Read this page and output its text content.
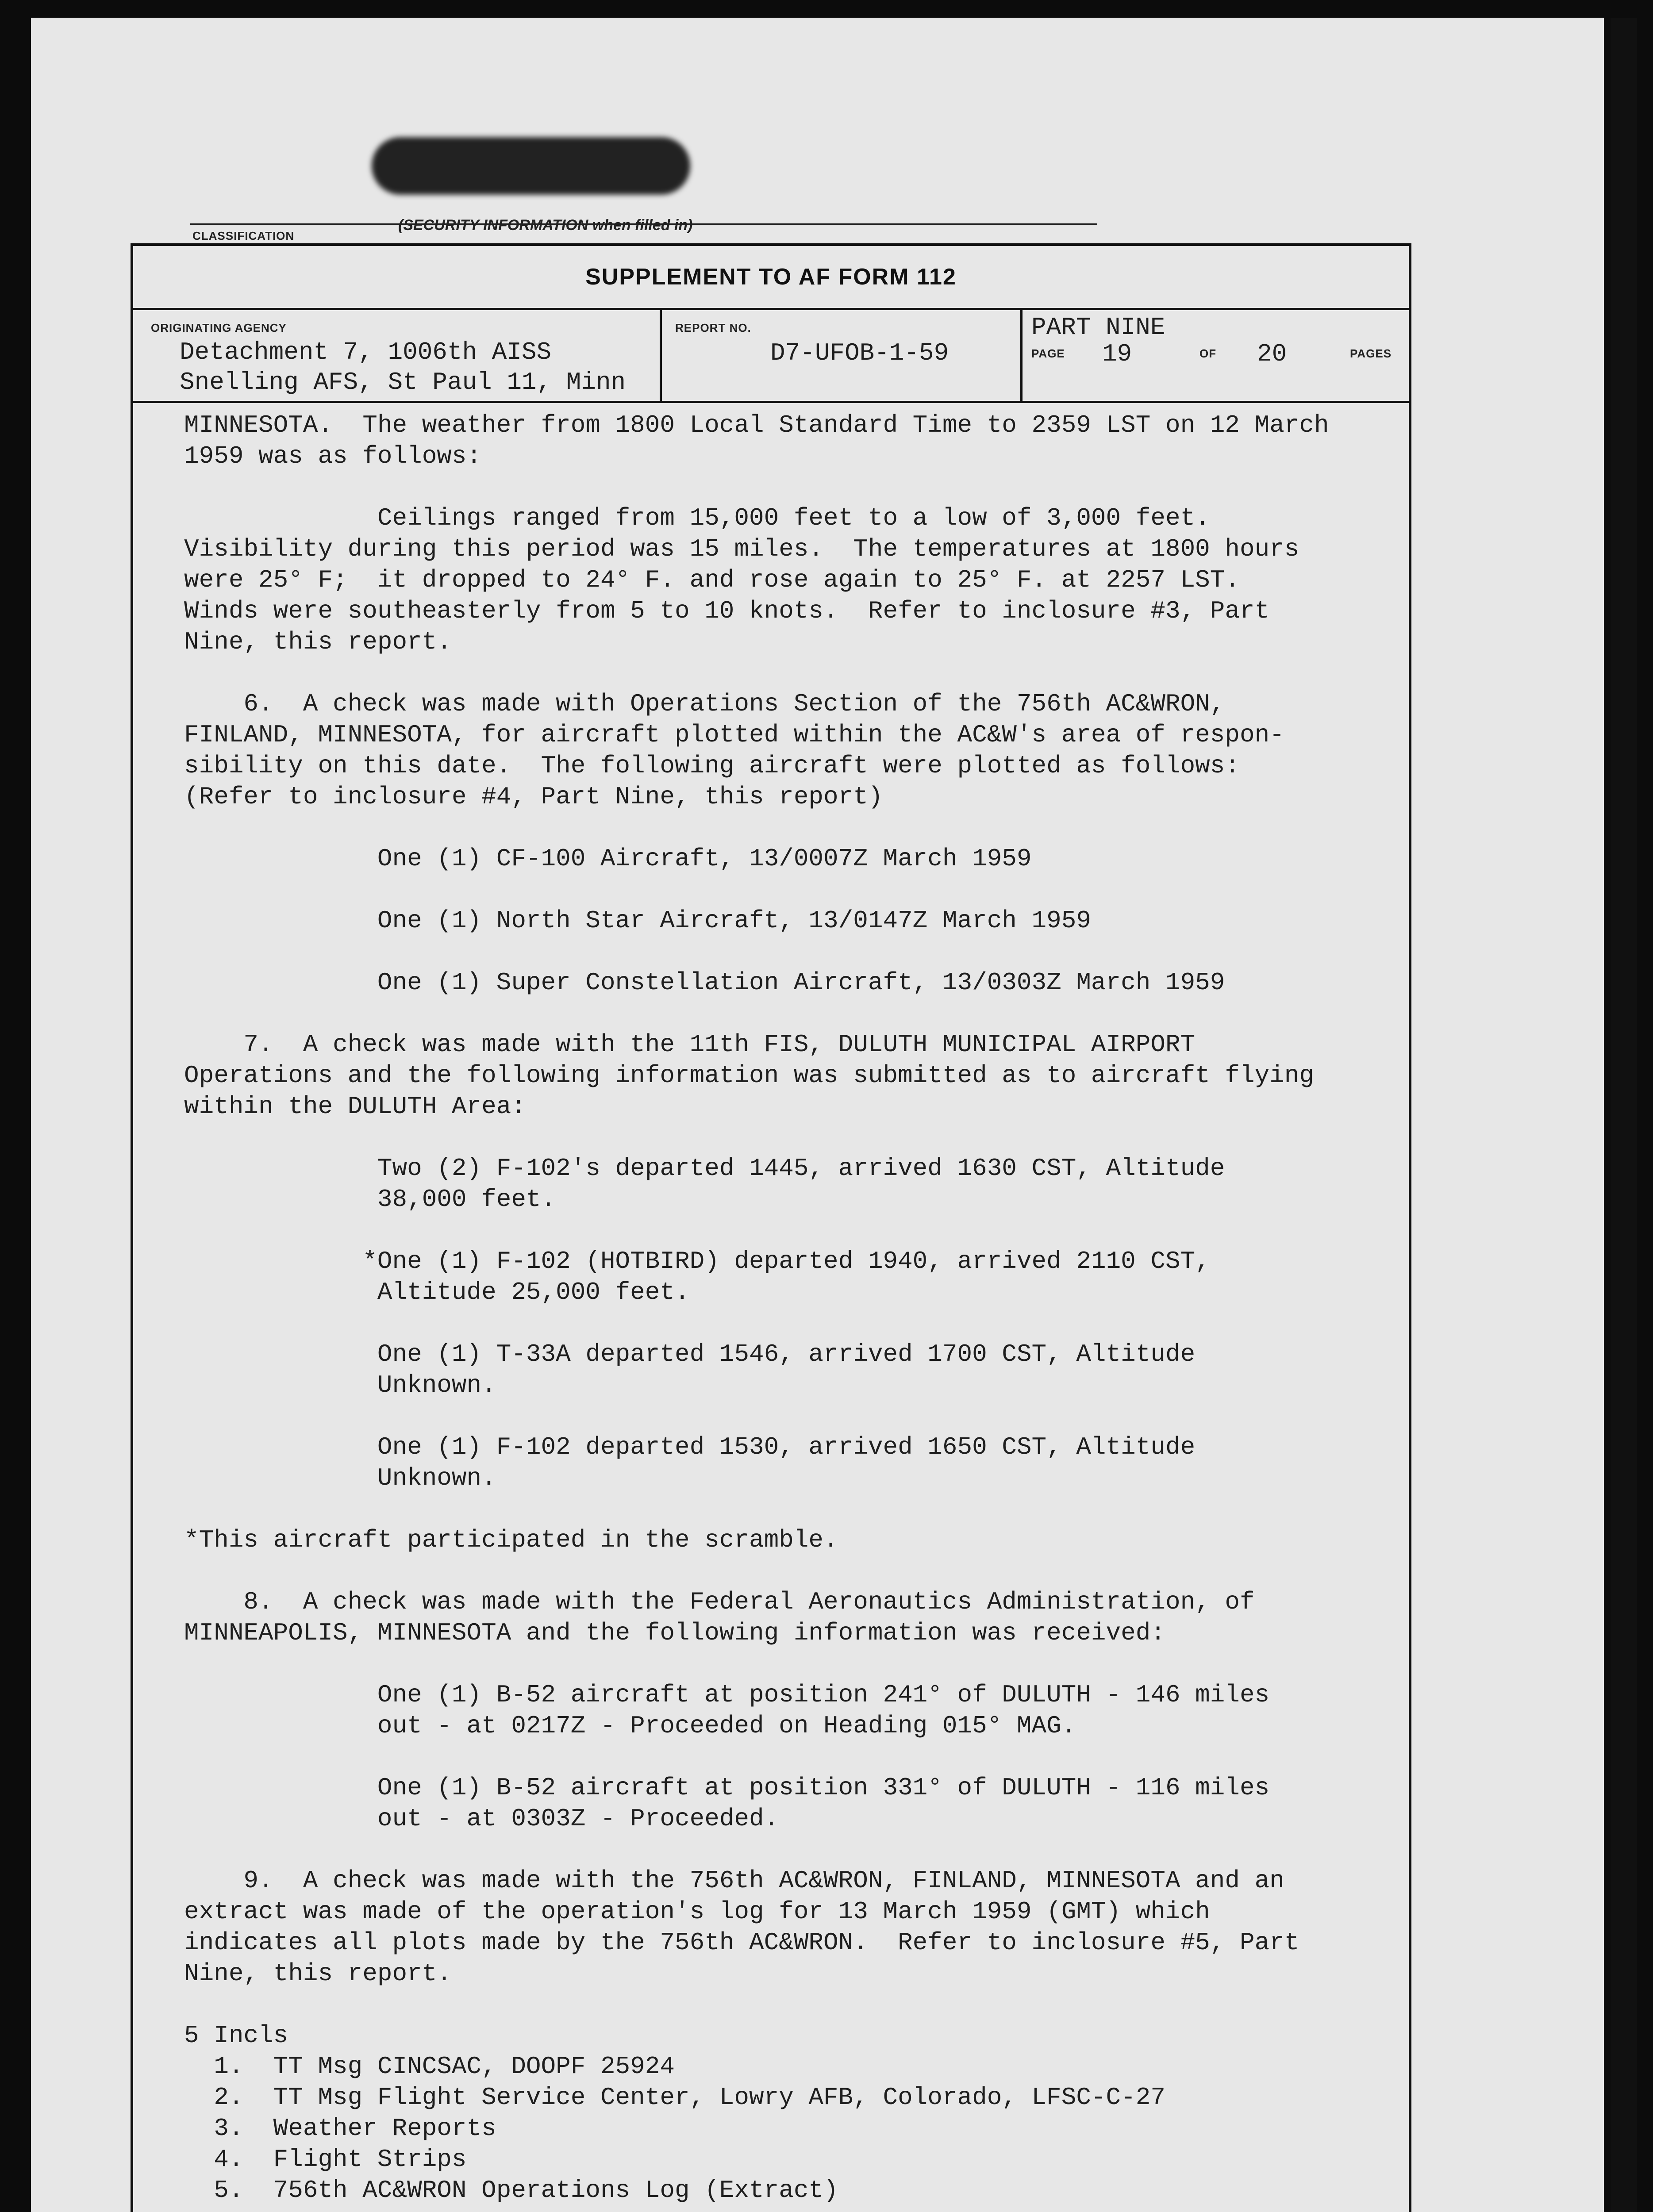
CLASSIFICATION
(SECURITY INFORMATION when filled in)
SUPPLEMENT TO AF FORM 112
ORIGINATING AGENCY
Detachment 7, 1006th AISS
Snelling AFS, St Paul 11, Minn
REPORT NO.
D7-UFOB-1-59
PART NINE
PAGE 19	OF 20	PAGES
MINNESOTA.  The weather from 1800 Local Standard Time to 2359 LST on 12 March
1959 was as follows:

Ceilings ranged from 15,000 feet to a low of 3,000 feet.
Visibility during this period was 15 miles.  The temperatures at 1800 hours
were 25° F;  it dropped to 24° F. and rose again to 25° F. at 2257 LST.
Winds were southeasterly from 5 to 10 knots.  Refer to inclosure #3, Part
Nine, this report.

6.  A check was made with Operations Section of the 756th AC&WRON,
FINLAND, MINNESOTA, for aircraft plotted within the AC&W's area of respon-
sibility on this date.  The following aircraft were plotted as follows:
(Refer to inclosure #4, Part Nine, this report)

One (1) CF-100 Aircraft, 13/0007Z March 1959

One (1) North Star Aircraft, 13/0147Z March 1959

One (1) Super Constellation Aircraft, 13/0303Z March 1959

7.  A check was made with the 11th FIS, DULUTH MUNICIPAL AIRPORT
Operations and the following information was submitted as to aircraft flying
within the DULUTH Area:

Two (2) F-102's departed 1445, arrived 1630 CST, Altitude
38,000 feet.

*One (1) F-102 (HOTBIRD) departed 1940, arrived 2110 CST,
Altitude 25,000 feet.

One (1) T-33A departed 1546, arrived 1700 CST, Altitude
Unknown.

One (1) F-102 departed 1530, arrived 1650 CST, Altitude
Unknown.

*This aircraft participated in the scramble.

8.  A check was made with the Federal Aeronautics Administration, of
MINNEAPOLIS, MINNESOTA and the following information was received:

One (1) B-52 aircraft at position 241° of DULUTH - 146 miles
out - at 0217Z - Proceeded on Heading 015° MAG.

One (1) B-52 aircraft at position 331° of DULUTH - 116 miles
out - at 0303Z - Proceeded.

9.  A check was made with the 756th AC&WRON, FINLAND, MINNESOTA and an
extract was made of the operation's log for 13 March 1959 (GMT) which
indicates all plots made by the 756th AC&WRON.  Refer to inclosure #5, Part
Nine, this report.

5 Incls
1.  TT Msg CINCSAC, DOOPF 25924
2.  TT Msg Flight Service Center, Lowry AFB, Colorado, LFSC-C-27
3.  Weather Reports
4.  Flight Strips
5.  756th AC&WRON Operations Log (Extract)
